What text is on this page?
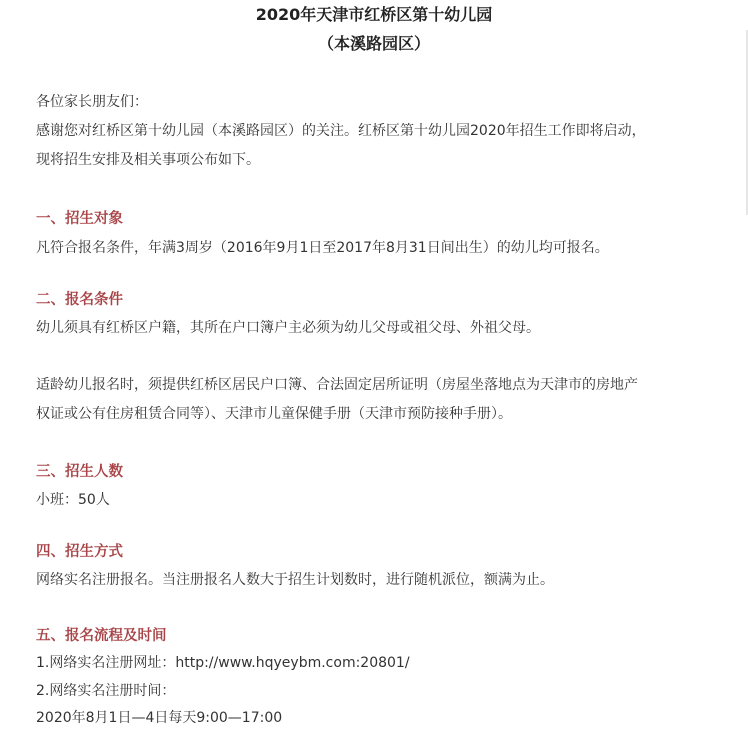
2020年天津市红桥区第十幼儿园
（本溪路园区）

各位家长朋友们：

感谢您对红桥区第十幼儿园（本溪路园区）的关注。红桥区第十幼儿园2020年招生工作即将启动，

现将招生安排及相关事项公布如下。

一、招生对象

凡符合报名条件，年满3周岁（2016年9月1日至2017年8月31日间出生）的幼儿均可报名。

二、报名条件

幼儿须具有红桥区户籍，其所在户口簿户主必须为幼儿父母或祖父母、外祖父母。

适龄幼儿报名时，须提供红桥区居民户口簿、合法固定居所证明（房屋坐落地点为天津市的房地产

权证或公有住房租赁合同等）、天津市儿童保健手册（天津市预防接种手册）。

三、招生人数

小班：50人

四、招生方式

网络实名注册报名。当注册报名人数大于招生计划数时，进行随机派位，额满为止。

五、报名流程及时间

1.网络实名注册网址：http://www.hqyeybm.com:20801/

2.网络实名注册时间：

2020年8月1日—4日每天9:00—17:00
